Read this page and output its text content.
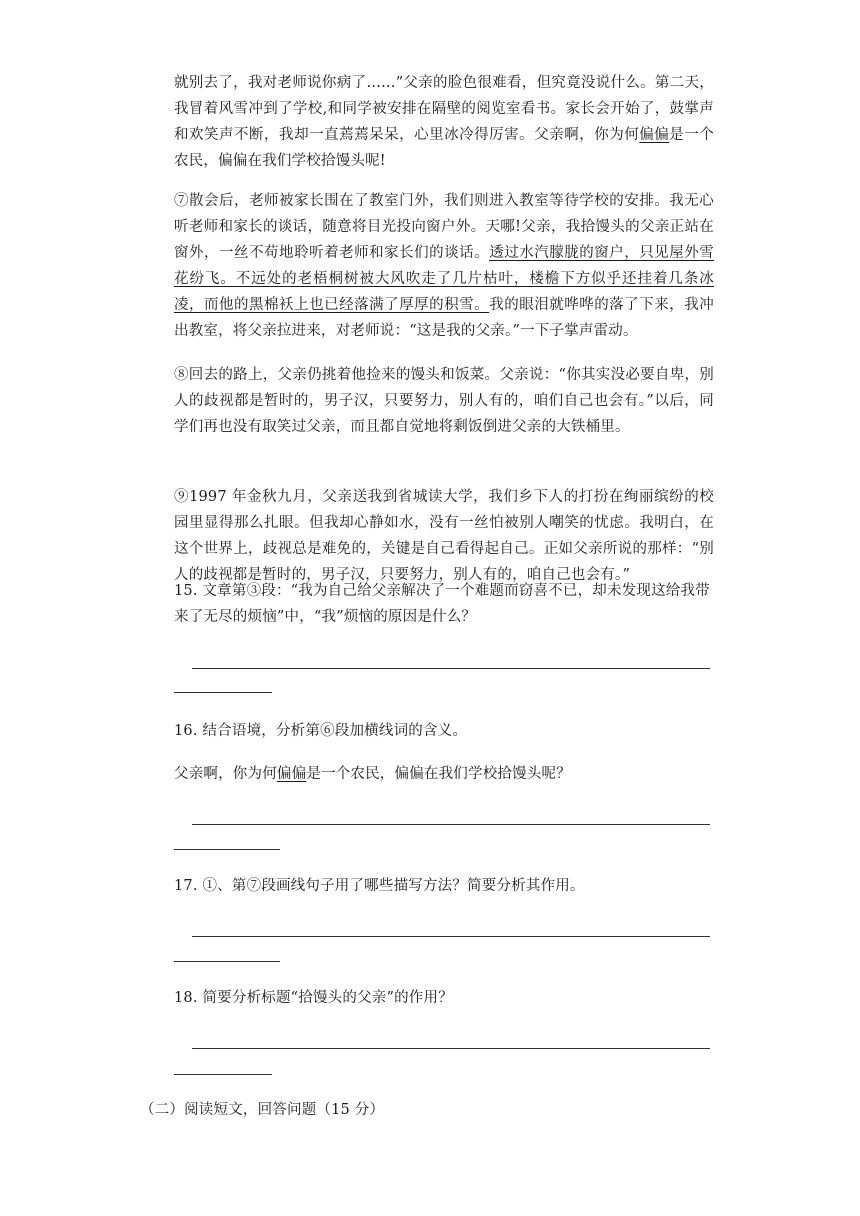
就别去了，我对老师说你病了……”父亲的脸色很难看，但究竟没说什么。第二天，我冒着风雪冲到了学校,和同学被安排在隔壁的阅览室看书。家长会开始了，鼓掌声和欢笑声不断，我却一直蔫蔫呆呆，心里冰冷得厉害。父亲啊，你为何偏偏是一个农民，偏偏在我们学校拾馒头呢!

⑦散会后，老师被家长围在了教室门外，我们则进入教室等待学校的安排。我无心听老师和家长的谈话，随意将目光投向窗户外。天哪!父亲，我拾馒头的父亲正站在窗外，一丝不苟地聆听着老师和家长们的谈话。透过水汽朦胧的窗户，只见屋外雪花纷飞。不远处的老梧桐树被大风吹走了几片枯叶，楼檐下方似乎还挂着几条冰凌，而他的黑棉袄上也已经落满了厚厚的积雪。我的眼泪就哗哗的落了下来，我冲出教室，将父亲拉进来，对老师说：“这是我的父亲。”一下子掌声雷动。

⑧回去的路上，父亲仍挑着他捡来的馒头和饭菜。父亲说：“你其实没必要自卑，别人的歧视都是暂时的，男子汉，只要努力，别人有的，咱们自己也会有。”以后，同学们再也没有取笑过父亲，而且都自觉地将剩饭倒进父亲的大铁桶里。

⑨1997 年金秋九月，父亲送我到省城读大学，我们乡下人的打扮在绚丽缤纷的校园里显得那么扎眼。但我却心静如水，没有一丝怕被别人嘲笑的忧虑。我明白，在这个世界上，歧视总是难免的，关键是自己看得起自己。正如父亲所说的那样：“别人的歧视都是暂时的，男子汉，只要努力，别人有的，咱自己也会有。”

15. 文章第③段：“我为自己给父亲解决了一个难题而窃喜不已，却未发现这给我带来了无尽的烦恼”中，“我”烦恼的原因是什么？

16. 结合语境，分析第⑥段加横线词的含义。

父亲啊，你为何偏偏是一个农民，偏偏在我们学校拾馒头呢？

17. ①、第⑦段画线句子用了哪些描写方法？简要分析其作用。

18. 简要分析标题“拾馒头的父亲”的作用？

（二）阅读短文，回答问题（15 分）
